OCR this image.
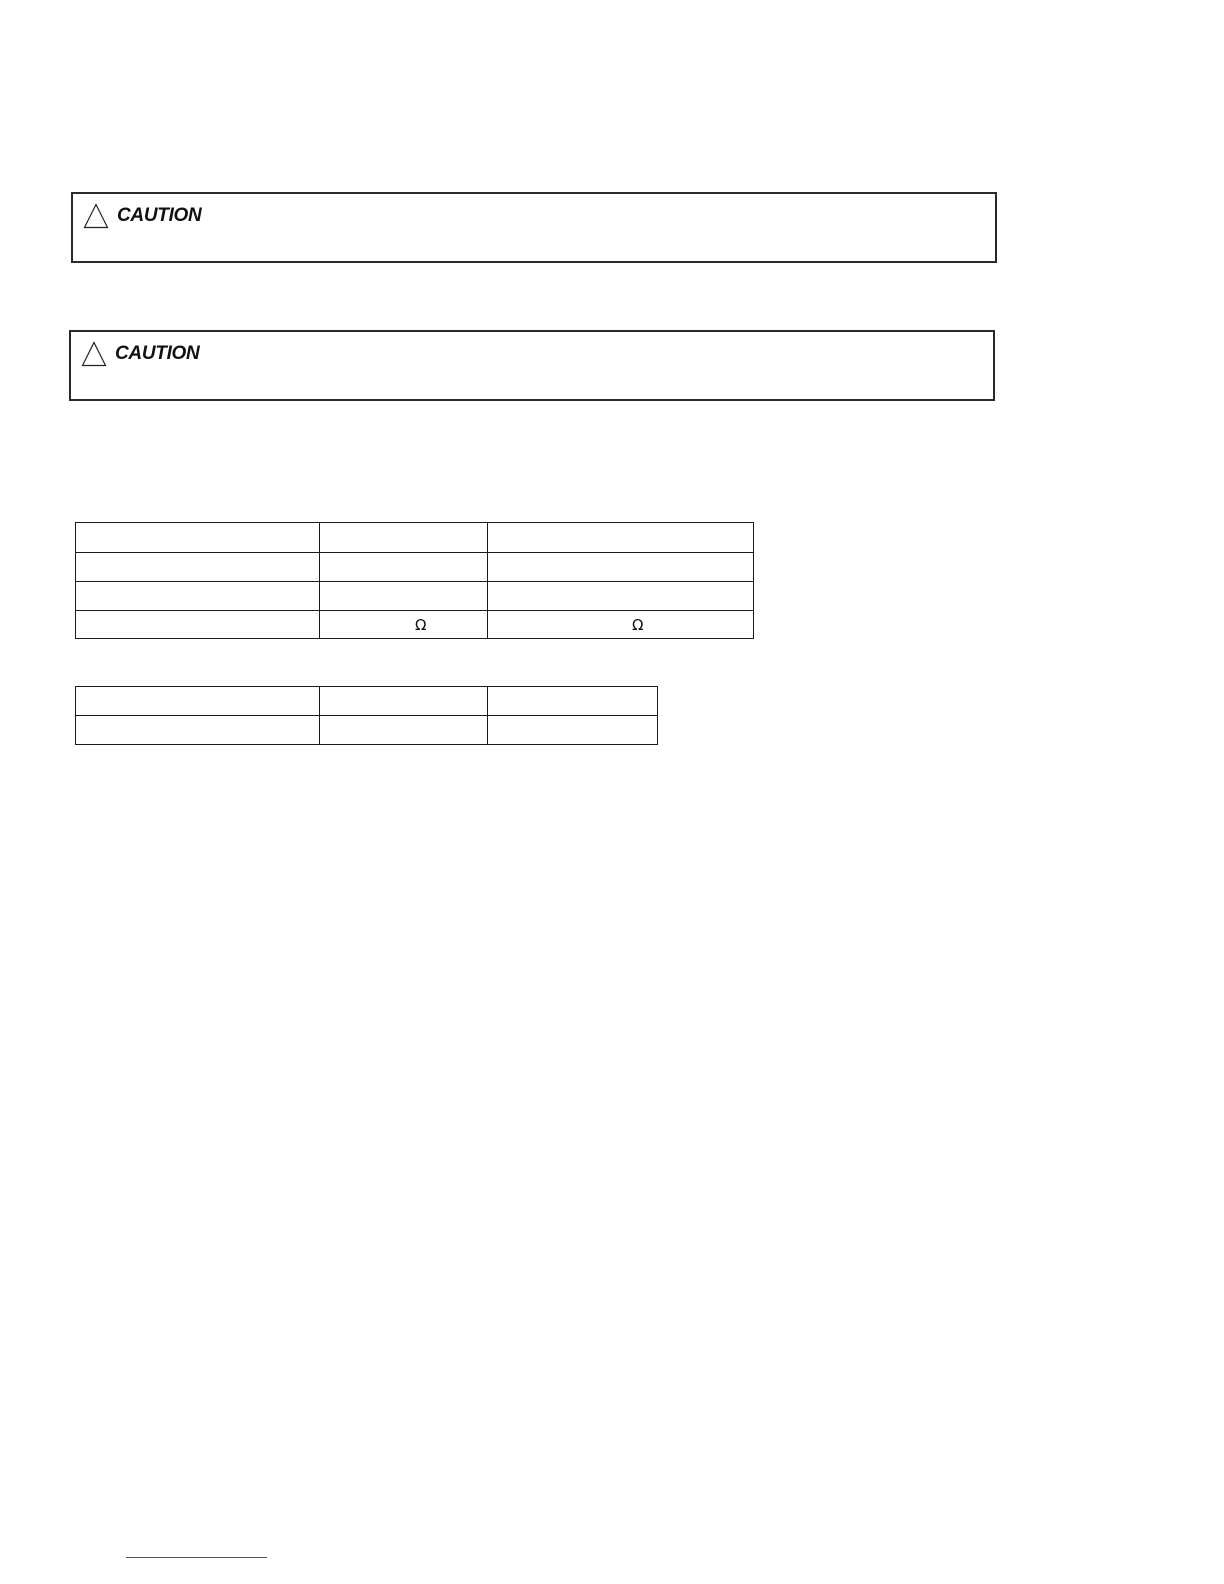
CAUTION
CAUTION

	Ω	Ω
